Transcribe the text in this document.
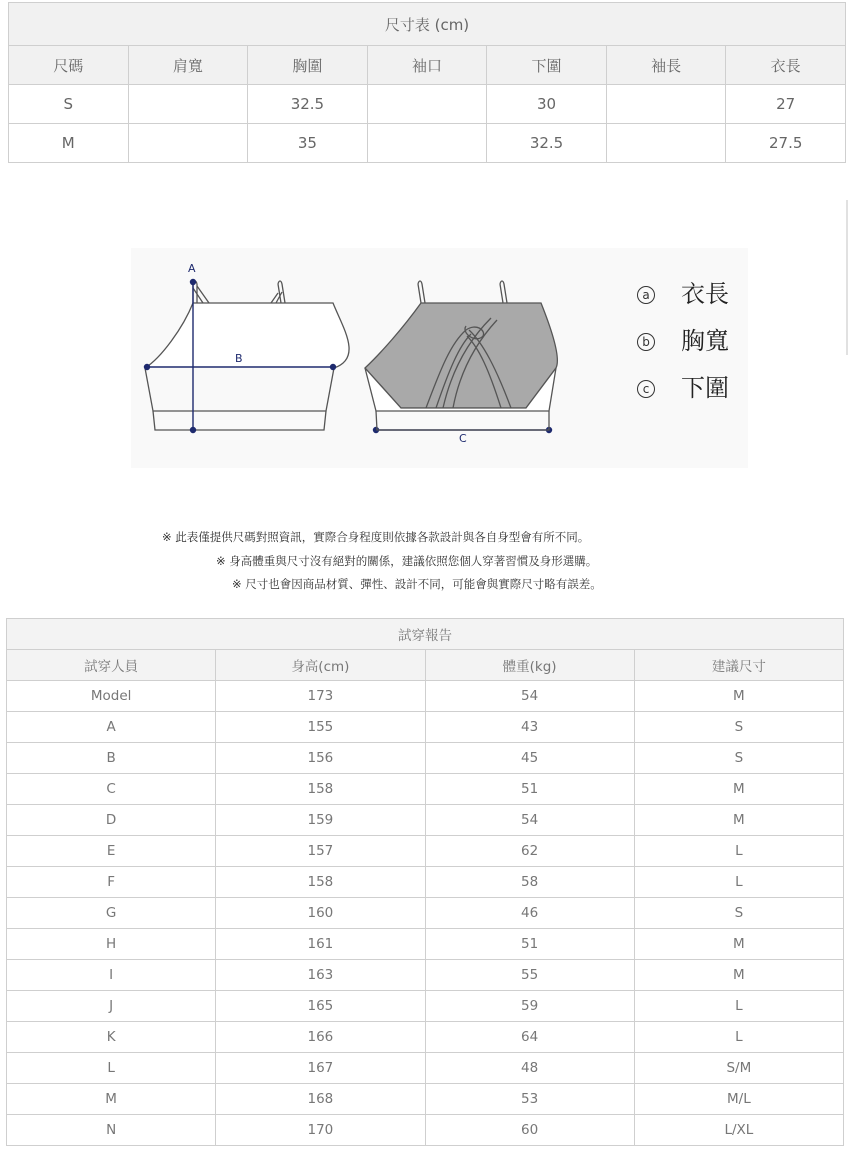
尺寸表 (cm)						
尺碼	肩寬	胸圍	袖口	下圍	袖長	衣長
S		32.5		30		27
M		35		32.5		27.5
A
B
C
a 衣長
b 胸寬
c 下圍
※ 此表僅提供尺碼對照資訊，實際合身程度則依據各款設計與各自身型會有所不同。
※ 身高體重與尺寸沒有絕對的關係，建議依照您個人穿著習慣及身形選購。
※ 尺寸也會因商品材質、彈性、設計不同，可能會與實際尺寸略有誤差。
試穿報告			
試穿人員	身高(cm)	體重(kg)	建議尺寸
Model	173	54	M
A	155	43	S
B	156	45	S
C	158	51	M
D	159	54	M
E	157	62	L
F	158	58	L
G	160	46	S
H	161	51	M
I	163	55	M
J	165	59	L
K	166	64	L
L	167	48	S/M
M	168	53	M/L
N	170	60	L/XL
